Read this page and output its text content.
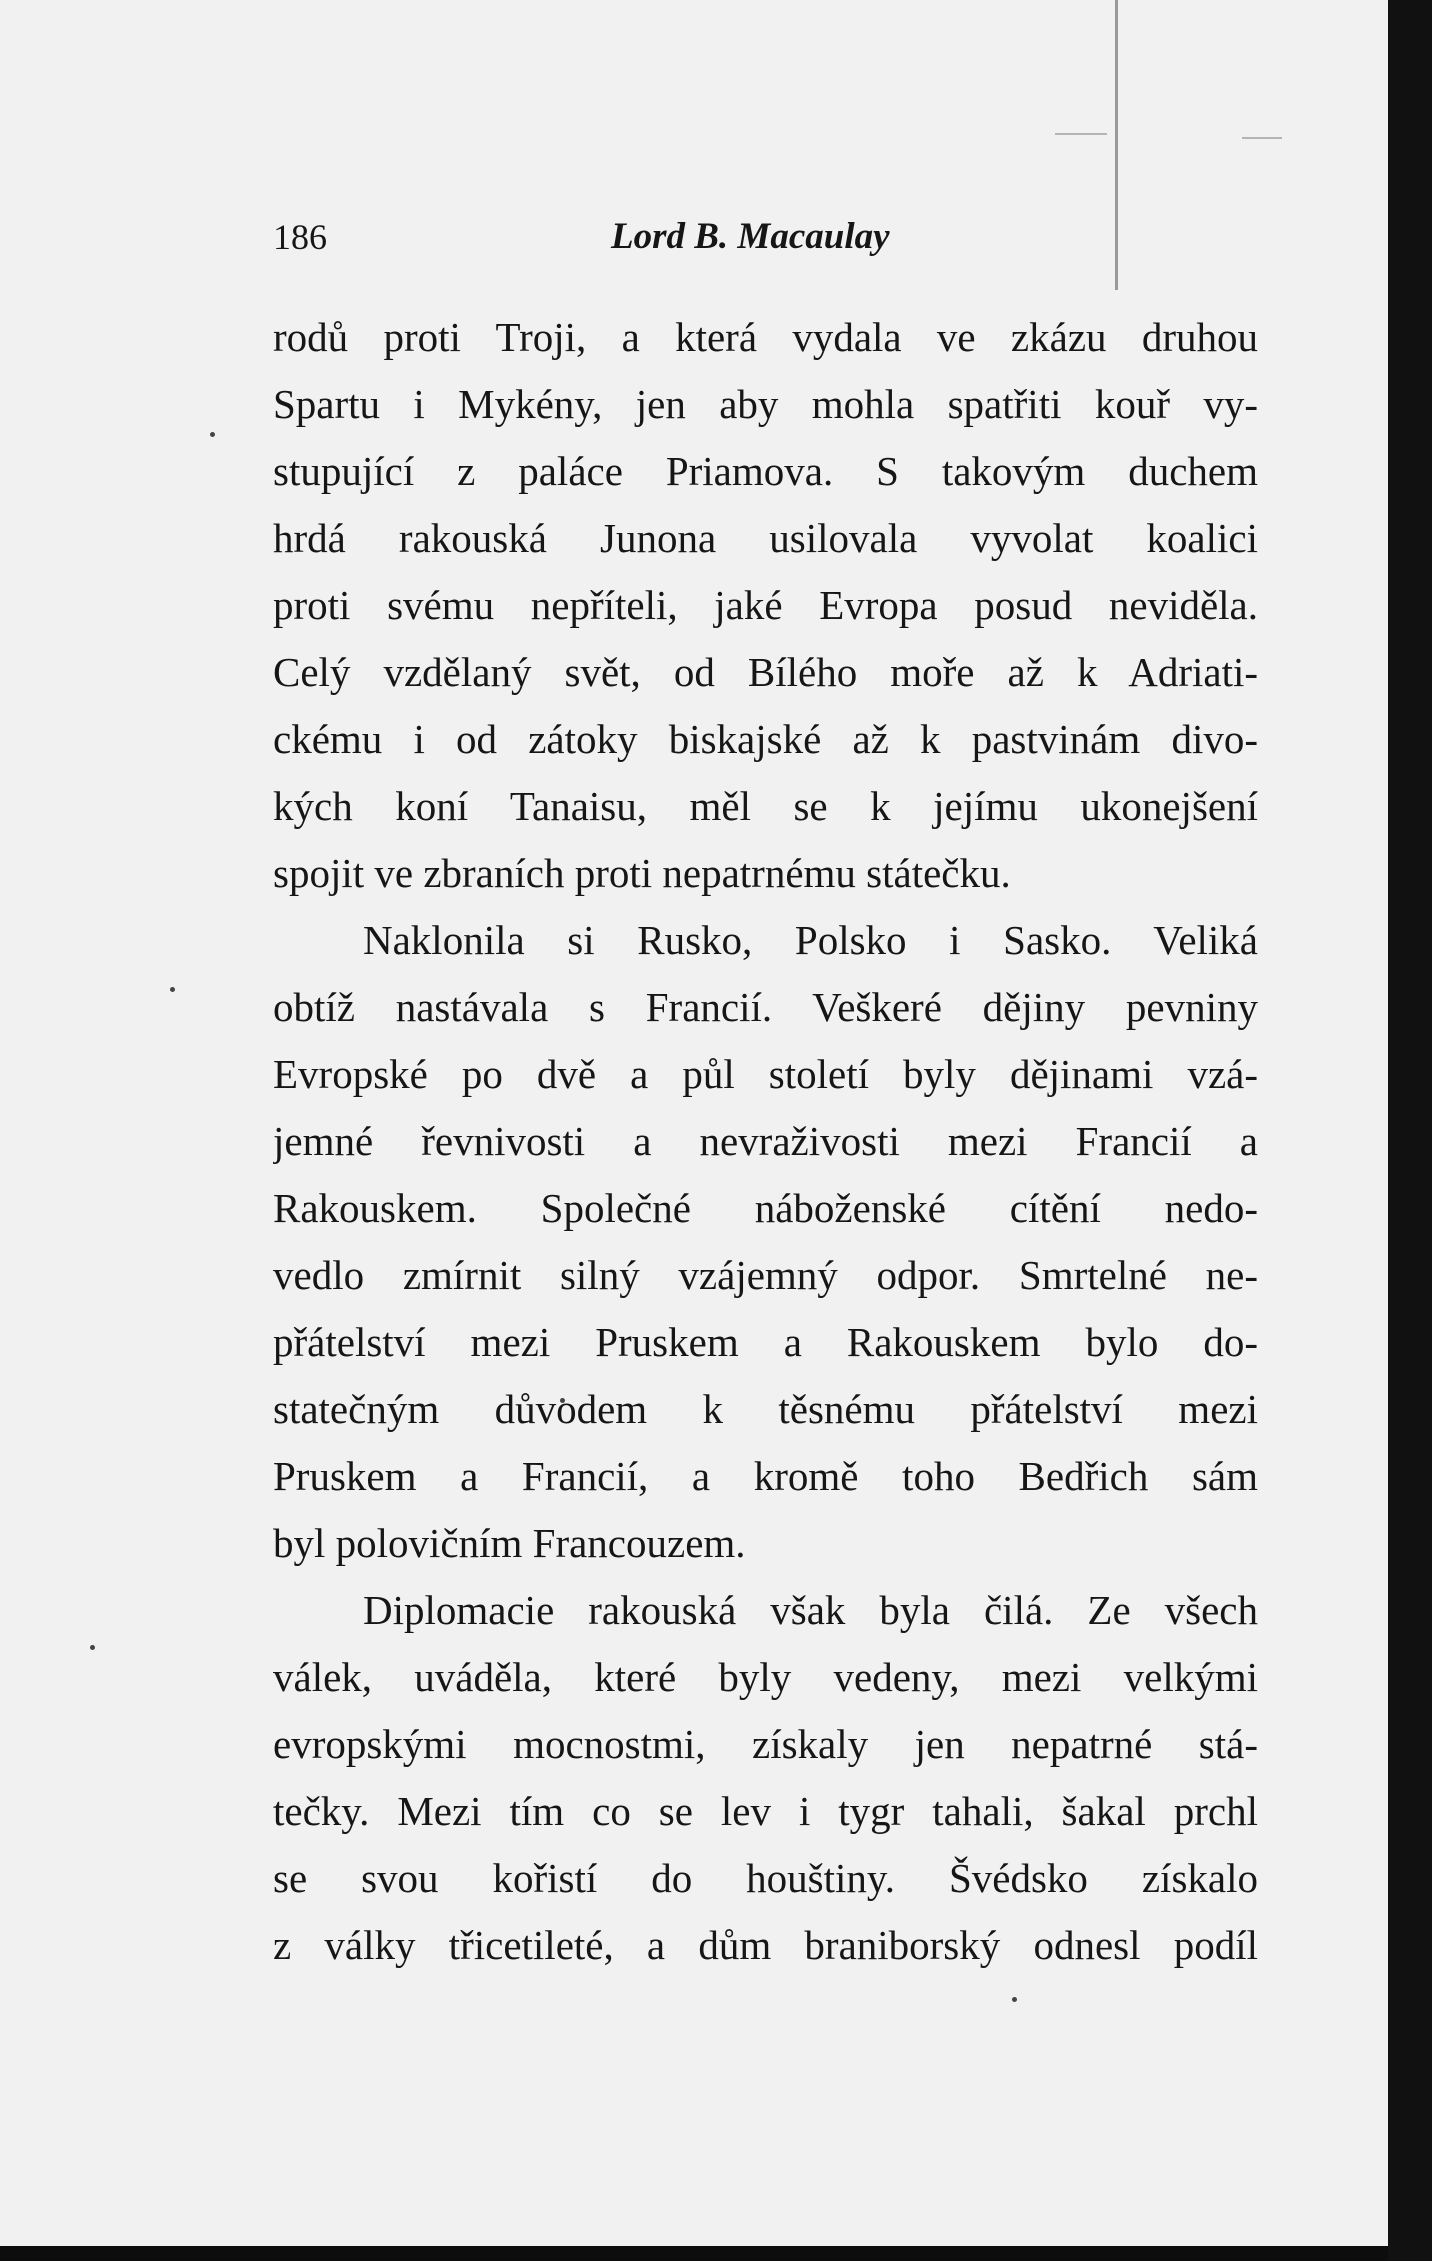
186	Lord B. Macaulay
rodů proti Troji, a která vydala ve zkázu druhou
Spartu i Mykény, jen aby mohla spatřiti kouř vy-
stupující z paláce Priamova. S takovým duchem
hrdá rakouská Junona usilovala vyvolat koalici
proti svému nepříteli, jaké Evropa posud neviděla.
Celý vzdělaný svět, od Bílého moře až k Adriati-
ckému i od zátoky biskajské až k pastvinám divo-
kých koní Tanaisu, měl se k jejímu ukonejšení
spojit ve zbraních proti nepatrnému státečku.
Naklonila si Rusko, Polsko i Sasko. Veliká
obtíž nastávala s Francií. Veškeré dějiny pevniny
Evropské po dvě a půl století byly dějinami vzá-
jemné řevnivosti a nevraživosti mezi Francií a
Rakouskem. Společné náboženské cítění nedo-
vedlo zmírnit silný vzájemný odpor. Smrtelné ne-
přátelství mezi Pruskem a Rakouskem bylo do-
statečným důvodem k těsnému přátelství mezi
Pruskem a Francií, a kromě toho Bedřich sám
byl polovičním Francouzem.
Diplomacie rakouská však byla čilá. Ze všech
válek, uváděla, které byly vedeny, mezi velkými
evropskými mocnostmi, získaly jen nepatrné stá-
tečky. Mezi tím co se lev i tygr tahali, šakal prchl
se svou kořistí do houštiny. Švédsko získalo
z války třicetileté, a dům braniborský odnesl podíl
